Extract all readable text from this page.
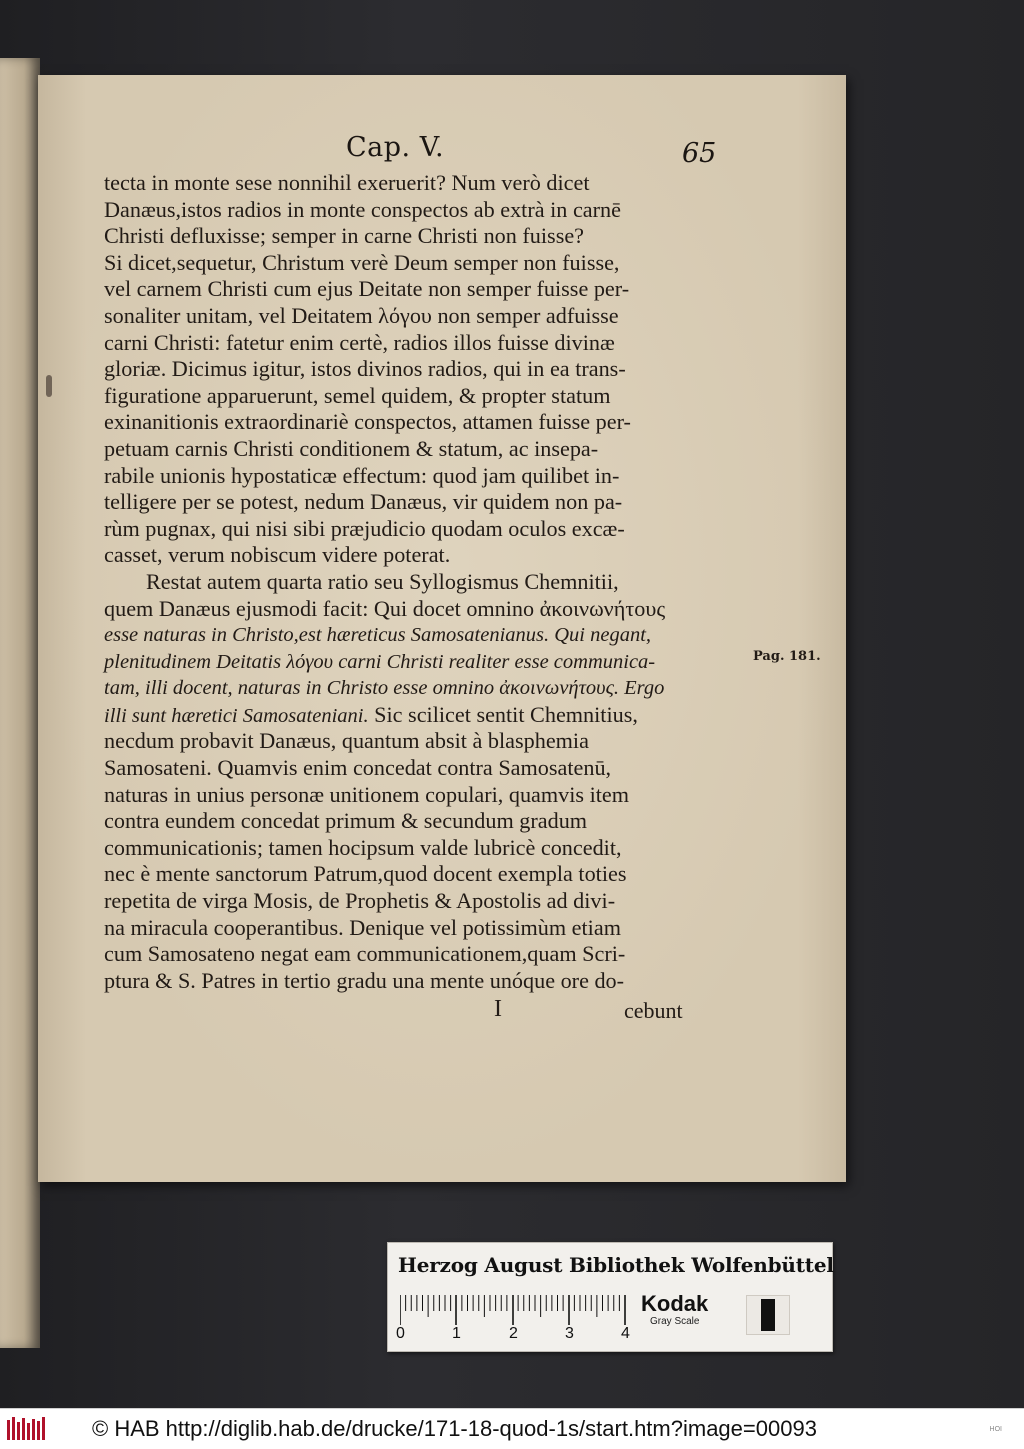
Cap. V.	65
tecta in monte sese nonnihil exeruerit? Num verò dicet
Danæus,istos radios in monte conspectos ab extrà in carnē
Christi defluxisse; semper in carne Christi non fuisse?
Si dicet,sequetur, Christum verè Deum semper non fuisse,
vel carnem Christi cum ejus Deitate non semper fuisse per-
sonaliter unitam, vel Deitatem λόγου non semper adfuisse
carni Christi: fatetur enim certè, radios illos fuisse divinæ
gloriæ. Dicimus igitur, istos divinos radios, qui in ea trans-
figuratione apparuerunt, semel quidem, & propter statum
exinanitionis extraordinariè conspectos, attamen fuisse per-
petuam carnis Christi conditionem & statum, ac insepa-
rabile unionis hypostaticæ effectum: quod jam quilibet in-
telligere per se potest, nedum Danæus, vir quidem non pa-
rùm pugnax, qui nisi sibi præjudicio quodam oculos excæ-
casset, verum nobiscum videre poterat.
Restat autem quarta ratio seu Syllogismus Chemnitii,
quem Danæus ejusmodi facit: Qui docet omnino ἀκοινωνήτους
esse naturas in Christo,est hæreticus Samosatenianus. Qui negant,
plenitudinem Deitatis λόγου carni Christi realiter esse communica-
tam, illi docent, naturas in Christo esse omnino ἀκοινωνήτους. Ergo
illi sunt hæretici Samosateniani. Sic scilicet sentit Chemnitius,
necdum probavit Danæus, quantum absit à blasphemia
Samosateni. Quamvis enim concedat contra Samosatenū,
naturas in unius personæ unitionem copulari, quamvis item
contra eundem concedat primum & secundum gradum
communicationis; tamen hocipsum valde lubricè concedit,
nec è mente sanctorum Patrum,quod docent exempla toties
repetita de virga Mosis, de Prophetis & Apostolis ad divi-
na miracula cooperantibus. Denique vel potissimùm etiam
cum Samosateno negat eam communicationem,quam Scri-
ptura & S. Patres in tertio gradu una mente unóque ore do-
I	cebunt
Pag. 181.
Herzog August Bibliothek Wolfenbüttel
0	1	2	3	4
Kodak
Gray Scale
© HAB http://diglib.hab.de/drucke/171-18-quod-1s/start.htm?image=00093	HOI
